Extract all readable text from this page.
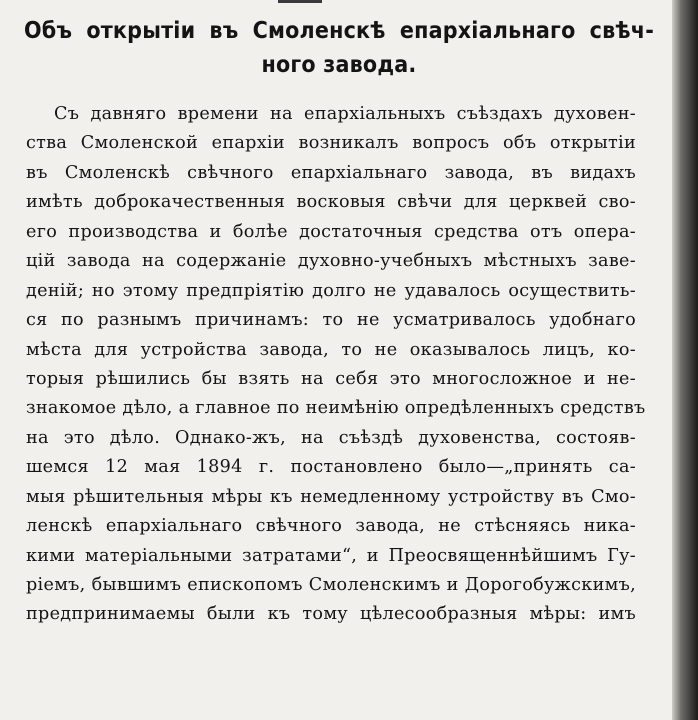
Объ открытіи въ Смоленскѣ епархіальнаго свѣч-
ного завода.
Съ давняго времени на епархіальныхъ съѣздахъ духовен-
ства Смоленской епархіи возникалъ вопросъ объ открытіи
въ Смоленскѣ свѣчного епархіальнаго завода, въ видахъ
имѣть доброкачественныя восковыя свѣчи для церквей сво-
его производства и болѣе достаточныя средства отъ опера-
цій завода на содержаніе духовно-учебныхъ мѣстныхъ заве-
деній; но этому предпріятію долго не удавалось осуществить-
ся по разнымъ причинамъ: то не усматривалось удобнаго
мѣста для устройства завода, то не оказывалось лицъ, ко-
торыя рѣшились бы взять на себя это многосложное и не-
знакомое дѣло, а главное по неимѣнію опредѣленныхъ средствъ
на это дѣло. Однако-жъ, на съѣздѣ духовенства, состояв-
шемся 12 мая 1894 г. постановлено было—„принять са-
мыя рѣшительныя мѣры къ немедленному устройству въ Смо-
ленскѣ епархіальнаго свѣчного завода, не стѣсняясь ника-
кими матеріальными затратами“, и Преосвященнѣйшимъ Гу-
ріемъ, бывшимъ епископомъ Смоленскимъ и Дорогобужскимъ,
предпринимаемы были къ тому цѣлесообразныя мѣры: имъ
